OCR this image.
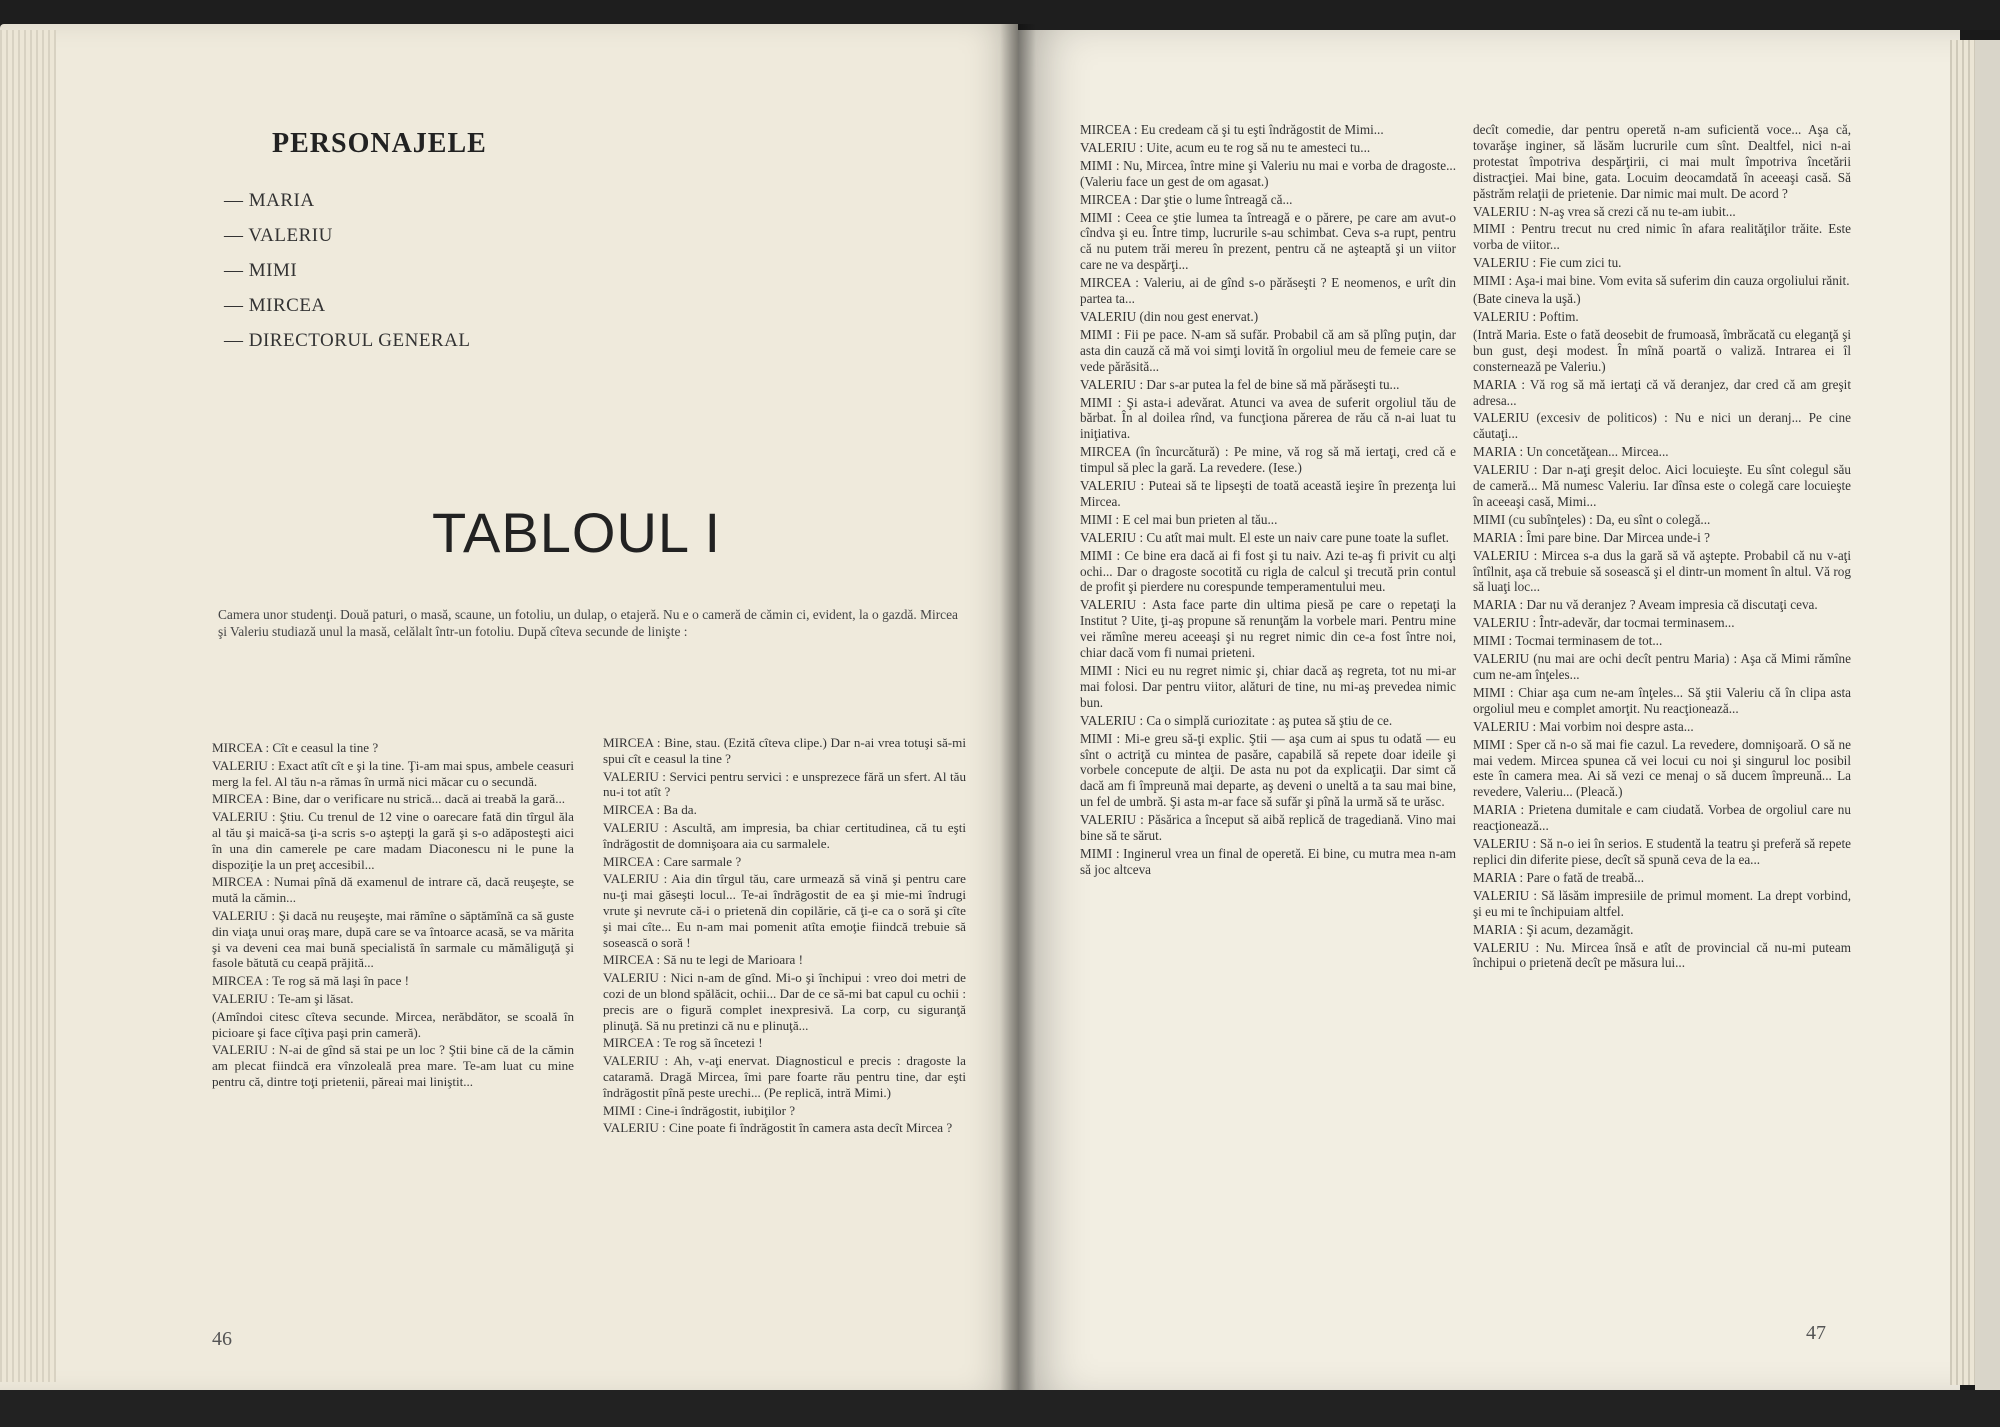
PERSONAJELE
— MARIA
— VALERIU
— MIMI
— MIRCEA
— DIRECTORUL GENERAL
TABLOUL I
Camera unor studenţi. Două paturi, o masă, scaune, un fotoliu, un dulap, o etajeră. Nu e o cameră de cămin ci, evident, la o gazdă. Mircea şi Valeriu studiază unul la masă, celălalt într-un fotoliu. După cîteva secunde de linişte :

MIRCEA : Cît e ceasul la tine ?

VALERIU : Exact atît cît e şi la tine. Ţi-am mai spus, ambele ceasuri merg la fel. Al tău n-a rămas în urmă nici măcar cu o secundă.

MIRCEA : Bine, dar o verificare nu strică... dacă ai treabă la gară...

VALERIU : Ştiu. Cu trenul de 12 vine o oarecare fată din tîrgul ăla al tău şi maică-sa ţi-a scris s-o aştepţi la gară şi s-o adăposteşti aici în una din camerele pe care madam Diaconescu ni le pune la dispoziţie la un preţ accesibil...

MIRCEA : Numai pînă dă examenul de intrare că, dacă reuşeşte, se mută la cămin...

VALERIU : Şi dacă nu reuşeşte, mai rămîne o săptămînă ca să guste din viaţa unui oraş mare, după care se va întoarce acasă, se va mărita şi va deveni cea mai bună specialistă în sarmale cu mămăliguţă şi fasole bătută cu ceapă prăjită...

MIRCEA : Te rog să mă laşi în pace !

VALERIU : Te-am şi lăsat.

(Amîndoi citesc cîteva secunde. Mircea, nerăbdător, se scoală în picioare şi face cîţiva paşi prin cameră).

VALERIU : N-ai de gînd să stai pe un loc ? Ştii bine că de la cămin am plecat fiindcă era vînzoleală prea mare. Te-am luat cu mine pentru că, dintre toţi prietenii, păreai mai liniştit...

MIRCEA : Bine, stau. (Ezită cîteva clipe.) Dar n-ai vrea totuşi să-mi spui cît e ceasul la tine ?

VALERIU : Servici pentru servici : e unsprezece fără un sfert. Al tău nu-i tot atît ?

MIRCEA : Ba da.

VALERIU : Ascultă, am impresia, ba chiar certitudinea, că tu eşti îndrăgostit de domnişoara aia cu sarmalele.

MIRCEA : Care sarmale ?

VALERIU : Aia din tîrgul tău, care urmează să vină şi pentru care nu-ţi mai găseşti locul... Te-ai îndrăgostit de ea şi mie-mi îndrugi vrute şi nevrute că-i o prietenă din copilărie, că ţi-e ca o soră şi cîte şi mai cîte... Eu n-am mai pomenit atîta emoţie fiindcă trebuie să sosească o soră !

MIRCEA : Să nu te legi de Marioara !

VALERIU : Nici n-am de gînd. Mi-o şi închipui : vreo doi metri de cozi de un blond spălăcit, ochii... Dar de ce să-mi bat capul cu ochii : precis are o figură complet inexpresivă. La corp, cu siguranţă plinuţă. Să nu pretinzi că nu e plinuţă...

MIRCEA : Te rog să încetezi !

VALERIU : Ah, v-aţi enervat. Diagnosticul e precis : dragoste la cataramă. Dragă Mircea, îmi pare foarte rău pentru tine, dar eşti îndrăgostit pînă peste urechi... (Pe replică, intră Mimi.)

MIMI : Cine-i îndrăgostit, iubiţilor ?

VALERIU : Cine poate fi îndrăgostit în camera asta decît Mircea ?

46

MIRCEA : Eu credeam că şi tu eşti îndrăgostit de Mimi...

VALERIU : Uite, acum eu te rog să nu te amesteci tu...

MIMI : Nu, Mircea, între mine şi Valeriu nu mai e vorba de dragoste... (Valeriu face un gest de om agasat.)

MIRCEA : Dar ştie o lume întreagă că...

MIMI : Ceea ce ştie lumea ta întreagă e o părere, pe care am avut-o cîndva şi eu. Între timp, lucrurile s-au schimbat. Ceva s-a rupt, pentru că nu putem trăi mereu în prezent, pentru că ne aşteaptă şi un viitor care ne va despărţi...

MIRCEA : Valeriu, ai de gînd s-o părăseşti ? E neomenos, e urît din partea ta...

VALERIU (din nou gest enervat.)

MIMI : Fii pe pace. N-am să sufăr. Probabil că am să plîng puţin, dar asta din cauză că mă voi simţi lovită în orgoliul meu de femeie care se vede părăsită...

VALERIU : Dar s-ar putea la fel de bine să mă părăseşti tu...

MIMI : Şi asta-i adevărat. Atunci va avea de suferit orgoliul tău de bărbat. În al doilea rînd, va funcţiona părerea de rău că n-ai luat tu iniţiativa.

MIRCEA (în încurcătură) : Pe mine, vă rog să mă iertaţi, cred că e timpul să plec la gară. La revedere. (Iese.)

VALERIU : Puteai să te lipseşti de toată această ieşire în prezenţa lui Mircea.

MIMI : E cel mai bun prieten al tău...

VALERIU : Cu atît mai mult. El este un naiv care pune toate la suflet.

MIMI : Ce bine era dacă ai fi fost şi tu naiv. Azi te-aş fi privit cu alţi ochi... Dar o dragoste socotită cu rigla de calcul şi trecută prin contul de profit şi pierdere nu corespunde temperamentului meu.

VALERIU : Asta face parte din ultima piesă pe care o repetaţi la Institut ? Uite, ţi-aş propune să renunţăm la vorbele mari. Pentru mine vei rămîne mereu aceeaşi şi nu regret nimic din ce-a fost între noi, chiar dacă vom fi numai prieteni.

MIMI : Nici eu nu regret nimic şi, chiar dacă aş regreta, tot nu mi-ar mai folosi. Dar pentru viitor, alături de tine, nu mi-aş prevedea nimic bun.

VALERIU : Ca o simplă curiozitate : aş putea să ştiu de ce.

MIMI : Mi-e greu să-ţi explic. Ştii — aşa cum ai spus tu odată — eu sînt o actriţă cu mintea de pasăre, capabilă să repete doar ideile şi vorbele concepute de alţii. De asta nu pot da explicaţii. Dar simt că dacă am fi împreună mai departe, aş deveni o uneltă a ta sau mai bine, un fel de umbră. Şi asta m-ar face să sufăr şi pînă la urmă să te urăsc.

VALERIU : Păsărica a început să aibă replică de tragediană. Vino mai bine să te sărut.

MIMI : Inginerul vrea un final de operetă. Ei bine, cu mutra mea n-am să joc altceva

decît comedie, dar pentru operetă n-am suficientă voce... Aşa că, tovarăşe inginer, să lăsăm lucrurile cum sînt. Dealtfel, nici n-ai protestat împotriva despărţirii, ci mai mult împotriva încetării distracţiei. Mai bine, gata. Locuim deocamdată în aceeaşi casă. Să păstrăm relaţii de prietenie. Dar nimic mai mult. De acord ?

VALERIU : N-aş vrea să crezi că nu te-am iubit...

MIMI : Pentru trecut nu cred nimic în afara realităţilor trăite. Este vorba de viitor...

VALERIU : Fie cum zici tu.

MIMI : Aşa-i mai bine. Vom evita să suferim din cauza orgoliului rănit.

(Bate cineva la uşă.)

VALERIU : Poftim.

(Intră Maria. Este o fată deosebit de frumoasă, îmbrăcată cu eleganţă şi bun gust, deşi modest. În mînă poartă o valiză. Intrarea ei îl consternează pe Valeriu.)

MARIA : Vă rog să mă iertaţi că vă deranjez, dar cred că am greşit adresa...

VALERIU (excesiv de politicos) : Nu e nici un deranj... Pe cine căutaţi...

MARIA : Un concetăţean... Mircea...

VALERIU : Dar n-aţi greşit deloc. Aici locuieşte. Eu sînt colegul său de cameră... Mă numesc Valeriu. Iar dînsa este o colegă care locuieşte în aceeaşi casă, Mimi...

MIMI (cu subînţeles) : Da, eu sînt o colegă...

MARIA : Îmi pare bine. Dar Mircea unde-i ?

VALERIU : Mircea s-a dus la gară să vă aştepte. Probabil că nu v-aţi întîlnit, aşa că trebuie să sosească şi el dintr-un moment în altul. Vă rog să luaţi loc...

MARIA : Dar nu vă deranjez ? Aveam impresia că discutaţi ceva.

VALERIU : Într-adevăr, dar tocmai terminasem...

MIMI : Tocmai terminasem de tot...

VALERIU (nu mai are ochi decît pentru Maria) : Aşa că Mimi rămîne cum ne-am înţeles...

MIMI : Chiar aşa cum ne-am înţeles... Să ştii Valeriu că în clipa asta orgoliul meu e complet amorţit. Nu reacţionează...

VALERIU : Mai vorbim noi despre asta...

MIMI : Sper că n-o să mai fie cazul. La revedere, domnişoară. O să ne mai vedem. Mircea spunea că vei locui cu noi şi singurul loc posibil este în camera mea. Ai să vezi ce menaj o să ducem împreună... La revedere, Valeriu... (Pleacă.)

MARIA : Prietena dumitale e cam ciudată. Vorbea de orgoliul care nu reacţionează...

VALERIU : Să n-o iei în serios. E studentă la teatru şi preferă să repete replici din diferite piese, decît să spună ceva de la ea...

MARIA : Pare o fată de treabă...

VALERIU : Să lăsăm impresiile de primul moment. La drept vorbind, şi eu mi te închipuiam altfel.

MARIA : Şi acum, dezamăgit.

VALERIU : Nu. Mircea însă e atît de provincial că nu-mi puteam închipui o prietenă decît pe măsura lui...

47
